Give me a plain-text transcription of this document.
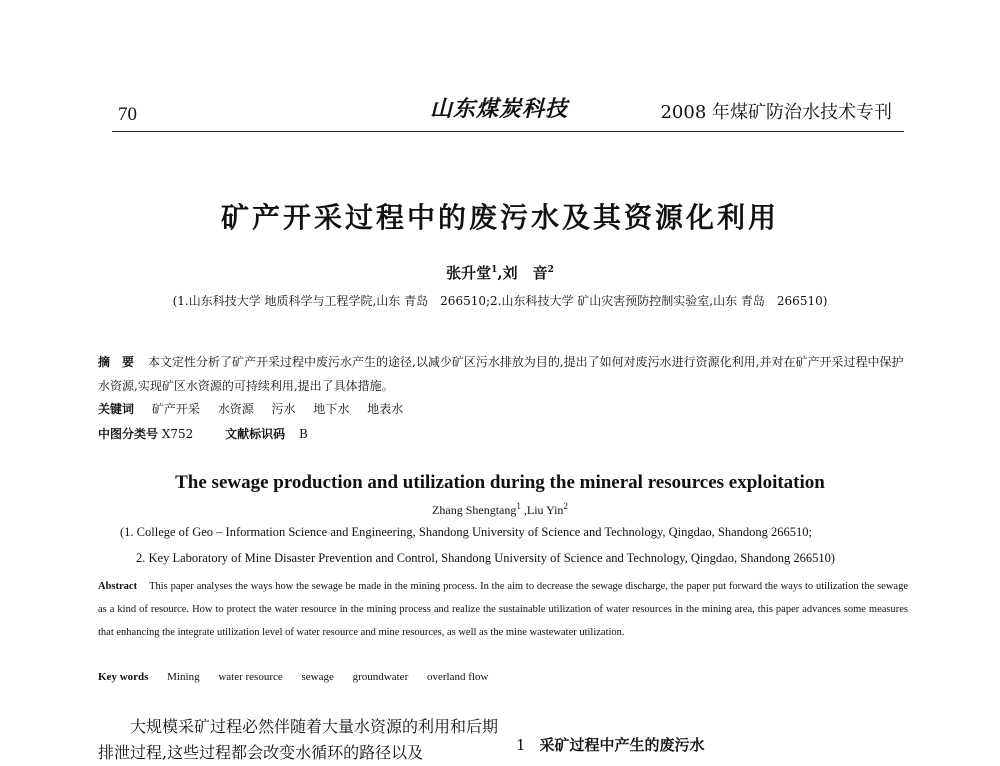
70	山东煤炭科技	2008 年煤矿防治水技术专刊
矿产开采过程中的废污水及其资源化利用
张升堂$^1$,刘　音$^2$
(1.山东科技大学 地质科学与工程学院,山东 青岛　266510;2.山东科技大学 矿山灾害预防控制实验室,山东 青岛　266510)
摘　要 本文定性分析了矿产开采过程中废污水产生的途径,以减少矿区污水排放为目的,提出了如何对废污水进行资源化利用,并对在矿产开采过程中保护水资源,实现矿区水资源的可持续利用,提出了具体措施。
关键词 矿产开采 水资源 污水 地下水 地表水
中图分类号 X752	文献标识码 B
The sewage production and utilization during the mineral resources exploitation
Zhang Shengtang$^1$ ,Liu Yin$^2$
(1. College of Geo – Information Science and Engineering, Shandong University of Science and Technology, Qingdao, Shandong 266510;
2. Key Laboratory of Mine Disaster Prevention and Control, Shandong University of Science and Technology, Qingdao, Shandong 266510)
Abstract This paper analyses the ways how the sewage be made in the mining process. In the aim to decrease the sewage discharge, the paper put forward the ways to utilization the sewage as a kind of resource. How to protect the water resource in the mining process and realize the sustainable utilization of water resources in the mining area, this paper advances some measures that enhancing the integrate utilization level of water resource and mine resources, as well as the mine wastewater utilization.
Key words Mining water resource sewage groundwater overland flow
大规模采矿过程必然伴随着大量水资源的利用和后期排泄过程,这些过程都会改变水循环的路径以及	1 采矿过程中产生的废污水
